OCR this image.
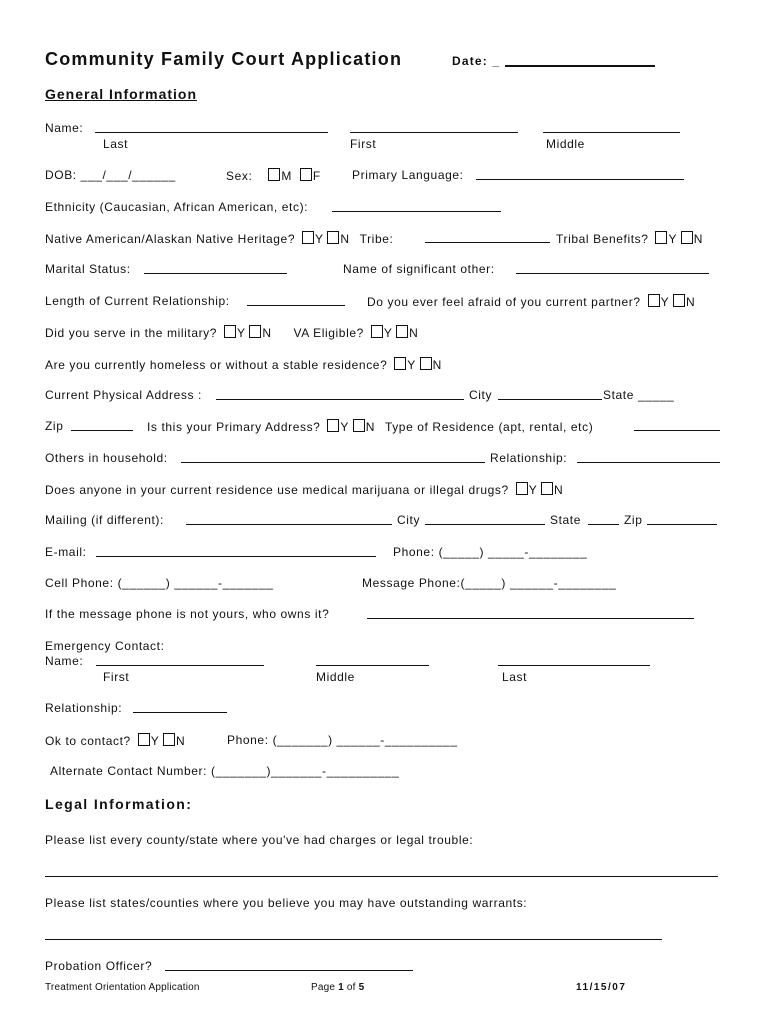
Community Family Court Application	Date: _
General Information
Name:
Last	First	Middle
DOB: ___/___/______	Sex: M F	Primary Language:
Ethnicity (Caucasian, African American, etc):
Native American/Alaskan Native Heritage? Y N Tribe:	Tribal Benefits? Y N
Marital Status:	Name of significant other:
Length of Current Relationship:	Do you ever feel afraid of you current partner? Y N
Did you serve in the military? Y N VA Eligible? Y N
Are you currently homeless or without a stable residence? Y N
Current Physical Address :	City	State _____
Zip	Is this your Primary Address? Y N Type of Residence (apt, rental, etc)
Others in household:	Relationship:
Does anyone in your current residence use medical marijuana or illegal drugs? Y N
Mailing (if different):	City	State	Zip
E-mail:	Phone: (_____) _____-________
Cell Phone: (______) ______-_______	Message Phone:(_____) ______-________
If the message phone is not yours, who owns it?
Emergency Contact:
Name:
First	Middle	Last
Relationship:
Ok to contact? Y N	Phone: (_______) ______-__________
Alternate Contact Number: (_______)_______-__________
Legal Information:
Please list every county/state where you've had charges or legal trouble:
Please list states/counties where you believe you may have outstanding warrants:
Probation Officer?
Treatment Orientation Application	Page 1 of 5	11/15/07
